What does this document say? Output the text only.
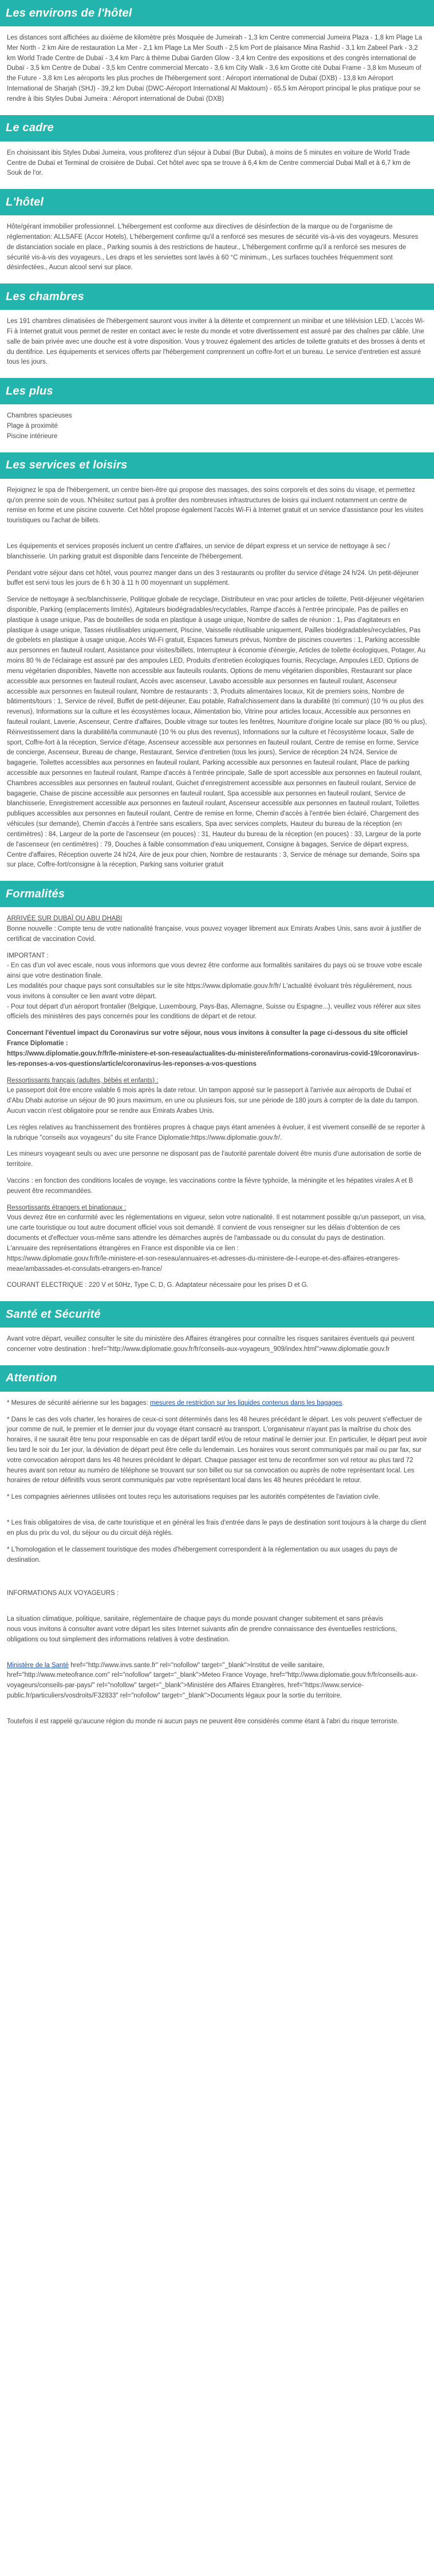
Les environs de l'hôtel

Les distances sont affichées au dixième de kilomètre près Mosquée de Jumeirah - 1,3 km Centre commercial Jumeira Plaza - 1,8 km Plage La Mer North - 2 km Aire de restauration La Mer - 2,1 km Plage La Mer South - 2,5 km Port de plaisance Mina Rashid - 3,1 km Zabeel Park - 3,2 km World Trade Centre de Dubaï - 3,4 km Parc à thème Dubai Garden Glow - 3,4 km Centre des expositions et des congrès international de Dubaï - 3,5 km Centre de Dubaï - 3,5 km Centre commercial Mercato - 3,6 km City Walk - 3,6 km Grotte cité Dubai Frame - 3,8 km Museum of the Future - 3,8 km Les aéroports les plus proches de l'hébergement sont : Aéroport international de Dubaï (DXB) - 13,8 km Aéroport International de Sharjah (SHJ) - 39,2 km Dubaï (DWC-Aéroport International Al Maktoum) - 65,5 km Aéroport principal le plus pratique pour se rendre à Ibis Styles Dubai Jumeira : Aéroport international de Dubaï (DXB)

Le cadre

En choisissant ibis Styles Dubai Jumeira, vous profiterez d'un séjour à Dubaï (Bur Dubai), à moins de 5 minutes en voiture de World Trade Centre de Dubaï et Terminal de croisière de Dubaï. Cet hôtel avec spa se trouve à 6,4 km de Centre commercial Dubai Mall et à 6,7 km de Souk de l'or.

L'hôtel

Hôte/gérant immobilier professionnel. L'hébergement est conforme aux directives de désinfection de la marque ou de l'organisme de réglementation: ALLSAFE (Accor Hotels), L'hébergement confirme qu'il a renforcé ses mesures de sécurité vis-à-vis des voyageurs. Mesures de distanciation sociale en place., Parking soumis à des restrictions de hauteur., L'hébergement confirme qu'il a renforcé ses mesures de sécurité vis-à-vis des voyageurs., Les draps et les serviettes sont lavés à 60 °C minimum., Les surfaces touchées fréquemment sont désinfectées., Aucun alcool servi sur place.

Les chambres

Les 191 chambres climatisées de l'hébergement sauront vous inviter à la détente et comprennent un minibar et une télévision LED. L'accès Wi-Fi à Internet gratuit vous permet de rester en contact avec le reste du monde et votre divertissement est assuré par des chaînes par câble. Une salle de bain privée avec une douche est à votre disposition. Vous y trouvez également des articles de toilette gratuits et des brosses à dents et du dentifrice. Les équipements et services offerts par l'hébergement comprennent un coffre-fort et un bureau. Le service d'entretien est assuré tous les jours.

Les plus
Chambres spacieuses
Plage à proximité
Piscine intérieure
Les services et loisirs

Rejoignez le spa de l'hébergement, un centre bien-être qui propose des massages, des soins corporels et des soins du visage, et permettez qu'on prenne soin de vous. N'hésitez surtout pas à profiter des nombreuses infrastructures de loisirs qui incluent notamment un centre de remise en forme et une piscine couverte. Cet hôtel propose également l'accès Wi-Fi à Internet gratuit et un service d'assistance pour les visites touristiques ou l'achat de billets.

Les équipements et services proposés incluent un centre d'affaires, un service de départ express et un service de nettoyage à sec / blanchisserie. Un parking gratuit est disponible dans l'enceinte de l'hébergement.

Pendant votre séjour dans cet hôtel, vous pourrez manger dans un des 3 restaurants ou profiter du service d'étage 24 h/24. Un petit-déjeuner buffet est servi tous les jours de 6 h 30 à 11 h 00 moyennant un supplément.

Service de nettoyage à sec/blanchisserie, Politique globale de recyclage, Distributeur en vrac pour articles de toilette, Petit-déjeuner végétarien disponible, Parking (emplacements limités), Agitateurs biodégradables/recyclables, Rampe d'accès à l'entrée principale, Pas de pailles en plastique à usage unique, Pas de bouteilles de soda en plastique à usage unique, Nombre de salles de réunion : 1, Pas d'agitateurs en plastique à usage unique, Tasses réutilisables uniquement, Piscine, Vaisselle réutilisable uniquement, Pailles biodégradables/recyclables, Pas de gobelets en plastique à usage unique, Accès Wi-Fi gratuit, Espaces fumeurs prévus, Nombre de piscines couvertes : 1, Parking accessible aux personnes en fauteuil roulant, Assistance pour visites/billets, Interrupteur à économie d'énergie, Articles de toilette écologiques, Potager, Au moins 80 % de l'éclairage est assuré par des ampoules LED, Produits d'entretien écologiques fournis, Recyclage, Ampoules LED, Options de menu végétarien disponibles, Navette non accessible aux fauteuils roulants, Options de menu végétarien disponibles, Restaurant sur place accessible aux personnes en fauteuil roulant, Accès avec ascenseur, Lavabo accessible aux personnes en fauteuil roulant, Ascenseur accessible aux personnes en fauteuil roulant, Nombre de restaurants : 3, Produits alimentaires locaux, Kit de premiers soins, Nombre de bâtiments/tours : 1, Service de réveil, Buffet de petit-déjeuner, Eau potable, Rafraîchissement dans la durabilité (tri commun) (10 % ou plus des revenus), Informations sur la culture et les écosystèmes locaux, Alimentation bio, Vitrine pour articles locaux, Accessible aux personnes en fauteuil roulant, Laverie, Ascenseur, Centre d'affaires, Double vitrage sur toutes les fenêtres, Nourriture d'origine locale sur place (80 % ou plus), Réinvestissement dans la durabilité/la communauté (10 % ou plus des revenus), Informations sur la culture et l'écosystème locaux, Salle de sport, Coffre-fort à la réception, Service d'étage, Ascenseur accessible aux personnes en fauteuil roulant, Centre de remise en forme, Service de concierge, Ascenseur, Bureau de change, Restaurant, Service d'entretien (tous les jours), Service de réception 24 h/24, Service de bagagerie, Toilettes accessibles aux personnes en fauteuil roulant, Parking accessible aux personnes en fauteuil roulant, Place de parking accessible aux personnes en fauteuil roulant, Rampe d'accès à l'entrée principale, Salle de sport accessible aux personnes en fauteuil roulant, Chambres accessibles aux personnes en fauteuil roulant, Guichet d'enregistrement accessible aux personnes en fauteuil roulant, Service de bagagerie, Chaise de piscine accessible aux personnes en fauteuil roulant, Spa accessible aux personnes en fauteuil roulant, Service de blanchisserie, Enregistrement accessible aux personnes en fauteuil roulant, Ascenseur accessible aux personnes en fauteuil roulant, Toilettes publiques accessibles aux personnes en fauteuil roulant, Centre de remise en forme, Chemin d'accès à l'entrée bien éclairé, Chargement des véhicules (sur demande), Chemin d'accès à l'entrée sans escaliers, Spa avec services complets, Hauteur du bureau de la réception (en centimètres) : 84, Largeur de la porte de l'ascenseur (en pouces) : 31, Hauteur du bureau de la réception (en pouces) : 33, Largeur de la porte de l'ascenseur (en centimètres) : 79, Douches à faible consommation d'eau uniquement, Consigne à bagages, Service de départ express, Centre d'affaires, Réception ouverte 24 h/24, Aire de jeux pour chien, Nombre de restaurants : 3, Service de ménage sur demande, Soins spa sur place, Coffre-fort/consigne à la réception, Parking sans voiturier gratuit

Formalités

ARRIVÉE SUR DUBAÏ OU ABU DHABI

Bonne nouvelle : Compte tenu de votre nationalité française, vous pouvez voyager librement aux Emirats Arabes Unis, sans avoir à justifier de certificat de vaccination Covid.

IMPORTANT :

- En cas d'un vol avec escale, nous vous informons que vous devrez être conforme aux formalités sanitaires du pays où se trouve votre escale ainsi que votre destination finale.

Les modalités pour chaque pays sont consultables sur le site https://www.diplomatie.gouv.fr/fr/ L'actualité évoluant très régulièrement, nous vous invitons à consulter ce lien avant votre départ.

- Pour tout départ d'un aéroport frontalier (Belgique, Luxembourg, Pays-Bas, Allemagne, Suisse ou Espagne...), veuillez vous référer aux sites officiels des ministères des pays concernés pour les conditions de départ et de retour.

Concernant l'éventuel impact du Coronavirus sur votre séjour, nous vous invitons à consulter la page ci-dessous du site officiel France Diplomatie :

https://www.diplomatie.gouv.fr/fr/le-ministere-et-son-reseau/actualites-du-ministere/informations-coronavirus-covid-19/coronavirus-les-reponses-a-vos-questions/article/coronavirus-les-reponses-a-vos-questions

Ressortissants français (adultes, bébés et enfants) :

Le passeport doit être encore valable 6 mois après la date retour. Un tampon apposé sur le passeport à l'arrivée aux aéroports de Dubaï et d'Abu Dhabi autorise un séjour de 90 jours maximum, en une ou plusieurs fois, sur une période de 180 jours à compter de la date du tampon.

Aucun vaccin n'est obligatoire pour se rendre aux Emirats Arabes Unis.

Les règles relatives au franchissement des frontières propres à chaque pays étant amenées à évoluer, il est vivement conseillé de se reporter à la rubrique "conseils aux voyageurs" du site France Diplomatie:https://www.diplomatie.gouv.fr/.

Les mineurs voyageant seuls ou avec une personne ne disposant pas de l'autorité parentale doivent être munis d'une autorisation de sortie de territoire.

Vaccins : en fonction des conditions locales de voyage, les vaccinations contre la fièvre typhoïde, la méningite et les hépatites virales A et B peuvent être recommandées.

Ressortissants étrangers et binationaux :

Vous devrez être en conformité avec les réglementations en vigueur, selon votre nationalité. Il est notamment possible qu'un passeport, un visa, une carte touristique ou tout autre document officiel vous soit demandé. Il convient de vous renseigner sur les délais d'obtention de ces documents et d'effectuer vous-même sans attendre les démarches auprès de l'ambassade ou du consulat du pays de destination.

L'annuaire des représentations étrangères en France est disponible via ce lien :

https://www.diplomatie.gouv.fr/fr/le-ministere-et-son-reseau/annuaires-et-adresses-du-ministere-de-l-europe-et-des-affaires-etrangeres-meae/ambassades-et-consulats-etrangers-en-france/

COURANT ELECTRIQUE : 220 V et 50Hz, Type C, D, G. Adaptateur nécessaire pour les prises D et G.

Santé et Sécurité

Avant votre départ, veuillez consulter le site du ministère des Affaires étrangères pour connaître les risques sanitaires éventuels qui peuvent concerner votre destination : href="http://www.diplomatie.gouv.fr/fr/conseils-aux-voyageurs_909/index.html">www.diplomatie.gouv.fr

Attention

* Mesures de sécurité aérienne sur les bagages: mesures de restriction sur les liquides contenus dans les bagages.

* Dans le cas des vols charter, les horaires de ceux-ci sont déterminés dans les 48 heures précédant le départ. Les vols peuvent s'effectuer de jour comme de nuit, le premier et le dernier jour du voyage étant consacré au transport. L'organisateur n'ayant pas la maîtrise du choix des horaires, il ne saurait être tenu pour responsable en cas de départ tardif et/ou de retour matinal le dernier jour. En particulier, le départ peut avoir lieu tard le soir du 1er jour, la déviation de départ peut être celle du lendemain. Les horaires vous seront communiqués par mail ou par fax, sur votre convocation aéroport dans les 48 heures précédant le départ. Chaque passager est tenu de reconfirmer son vol retour au plus tard 72 heures avant son retour au numéro de téléphone se trouvant sur son billet ou sur sa convocation ou auprès de notre représentant local. Les horaires de retour définitifs vous seront communiqués par votre représentant local dans les 48 heures précédant le retour.

* Les compagnies aériennes utilisées ont toutes reçu les autorisations requises par les autorités compétentes de l'aviation civile.

* Les frais obligatoires de visa, de carte touristique et en général les frais d'entrée dans le pays de destination sont toujours à la charge du client en plus du prix du vol, du séjour ou du circuit déjà réglés.

* L'homologation et le classement touristique des modes d'hébergement correspondent à la réglementation ou aux usages du pays de destination.

INFORMATIONS AUX VOYAGEURS :

La situation climatique, politique, sanitaire, réglementaire de chaque pays du monde pouvant changer subitement et sans préavis
nous vous invitons à consulter avant votre départ les sites Internet suivants afin de prendre connaissance des éventuelles restrictions, obligations ou tout simplement des informations relatives à votre destination.

Ministère de la Santé href="http://www.invs.sante.fr" rel="nofollow" target="_blank">Institut de veille sanitaire, href="http://www.meteofrance.com" rel="nofollow" target="_blank">Meteo France Voyage, href="http://www.diplomatie.gouv.fr/fr/conseils-aux-voyageurs/conseils-par-pays/" rel="nofollow" target="_blank">Ministère des Affaires Etrangères, href="https://www.service-public.fr/particuliers/vosdroits/F32833" rel="nofollow" target="_blank">Documents légaux pour la sortie du territoire.

Toutefois il est rappelé qu'aucune région du monde ni aucun pays ne peuvent être considérés comme étant à l'abri du risque terroriste.
